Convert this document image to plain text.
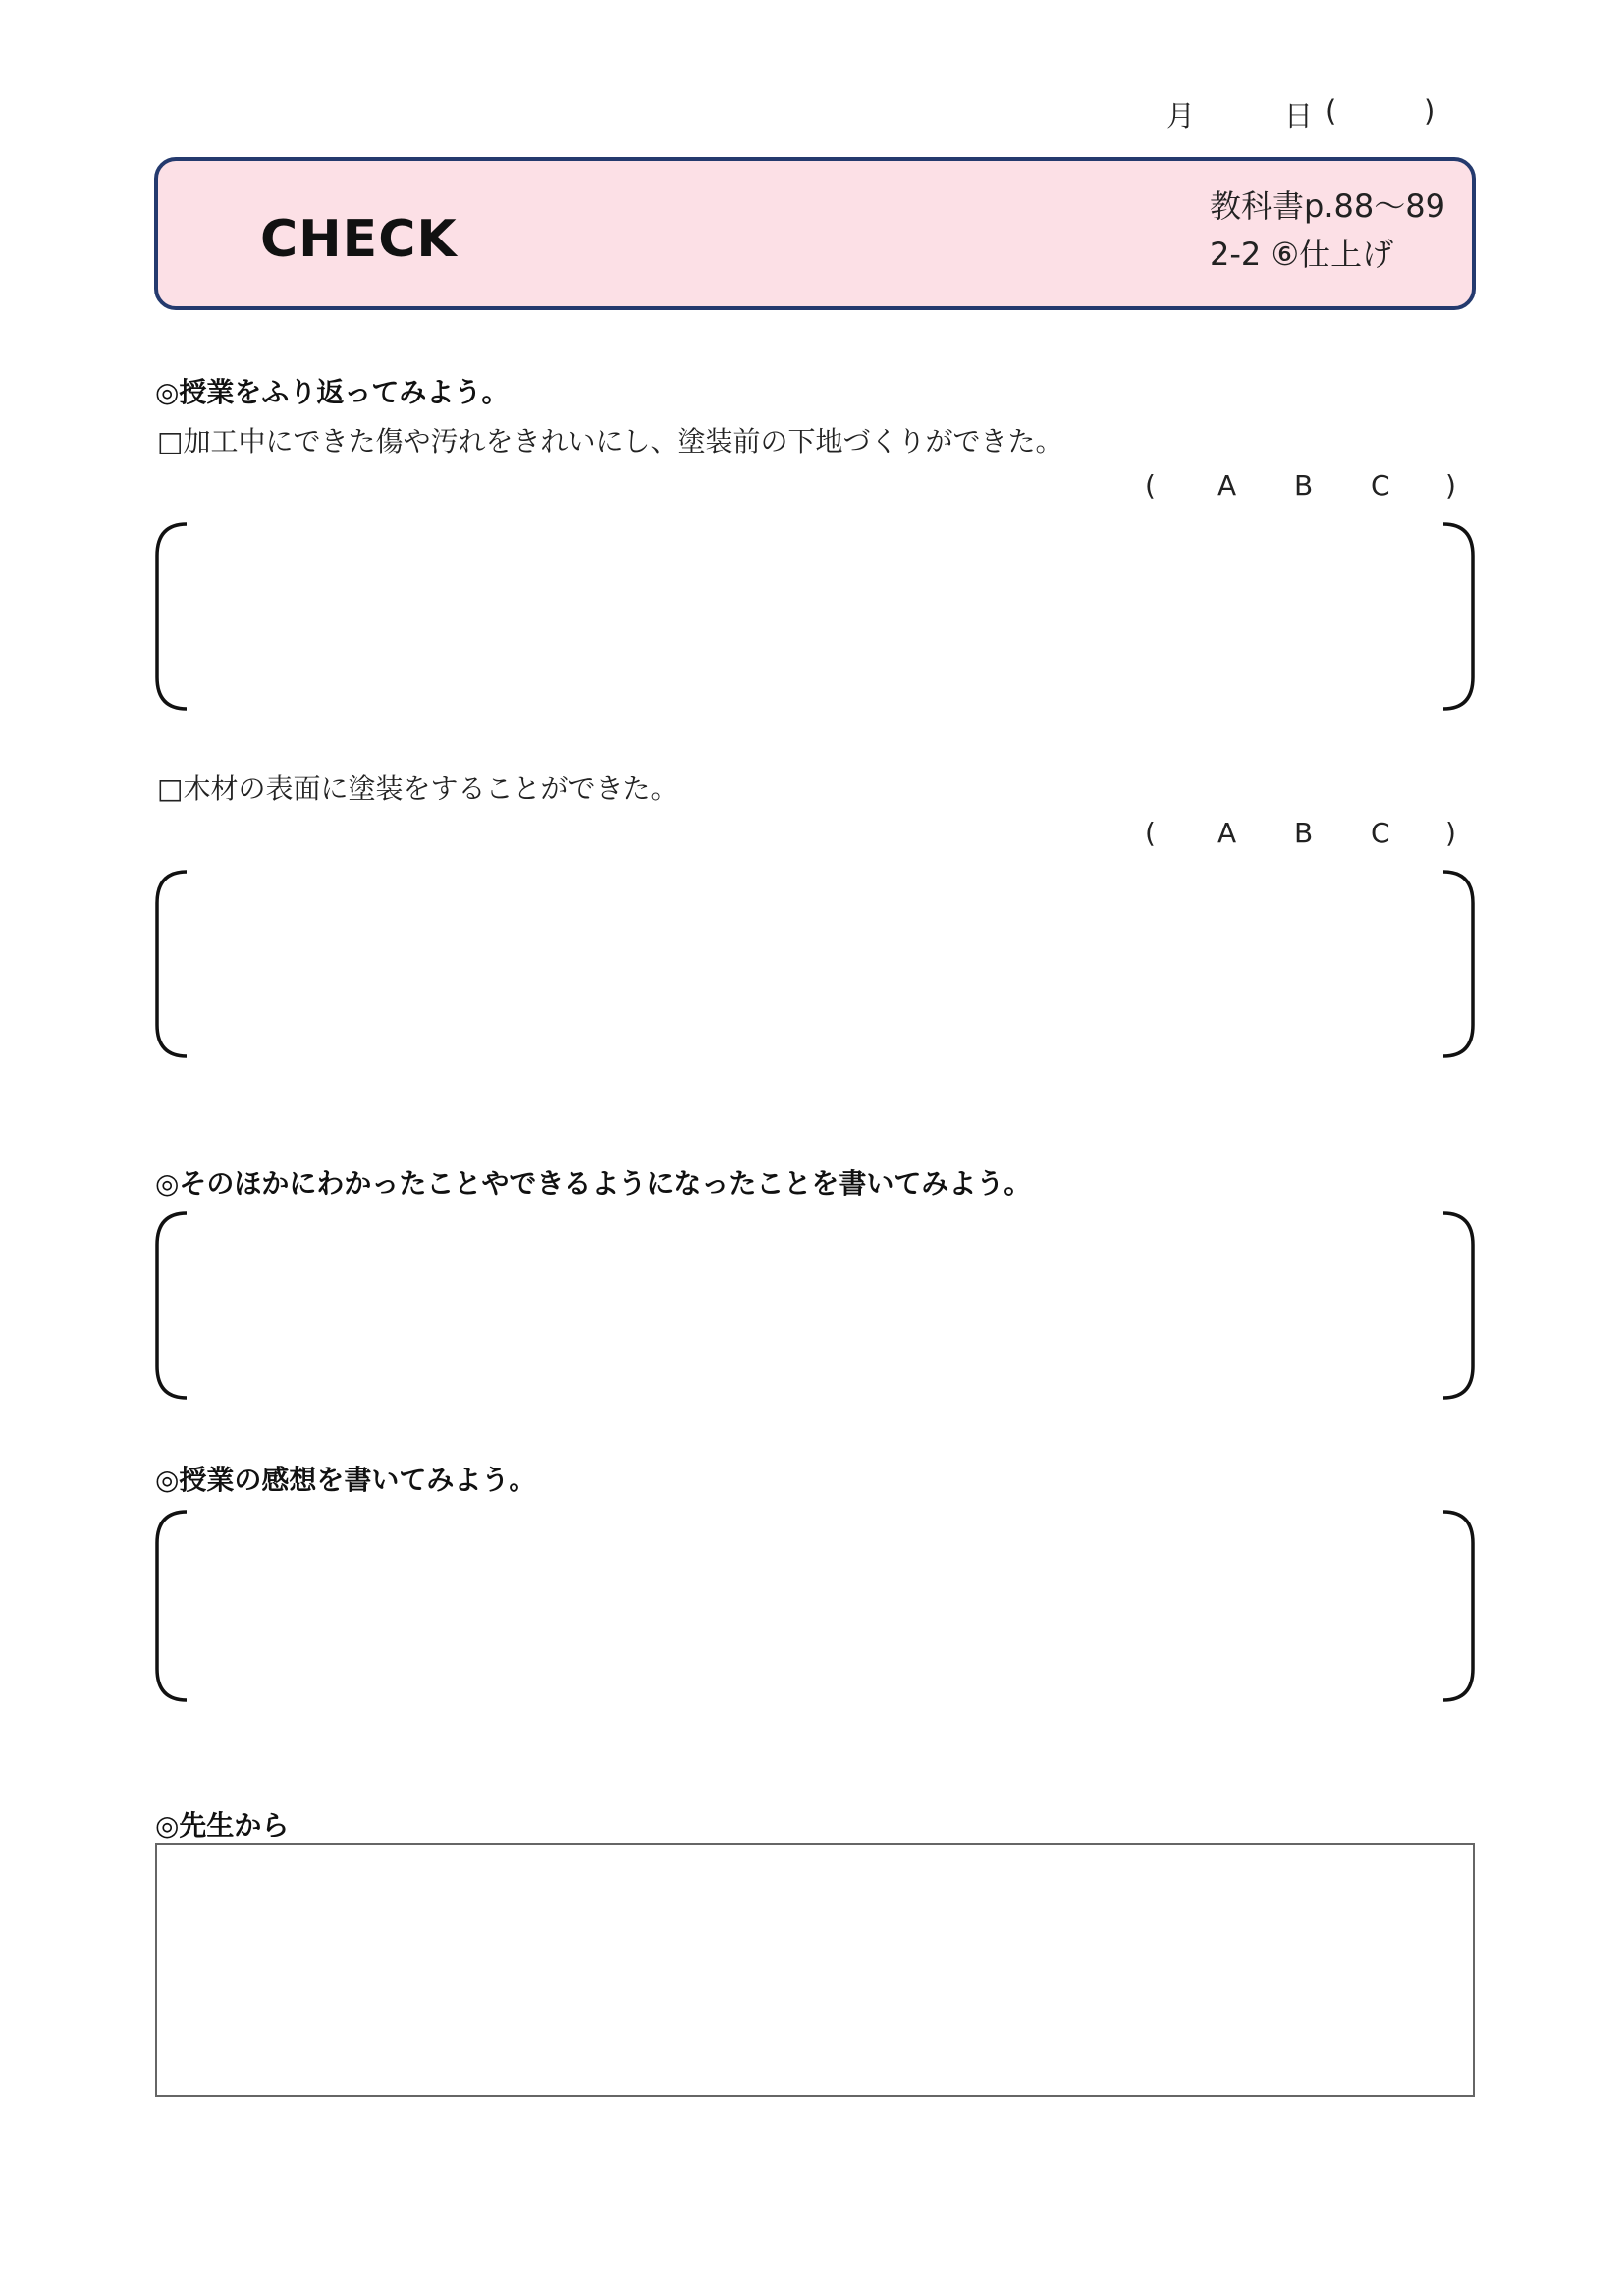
月	日 (	)
CHECK
教科書p.88〜89
2-2 ⑥仕上げ
◎授業をふり返ってみよう。
□加工中にできた傷や汚れをきれいにし、塗装前の下地づくりができた。
( A B C )
□木材の表面に塗装をすることができた。
( A B C )
◎そのほかにわかったことやできるようになったことを書いてみよう。
◎授業の感想を書いてみよう。
◎先生から
